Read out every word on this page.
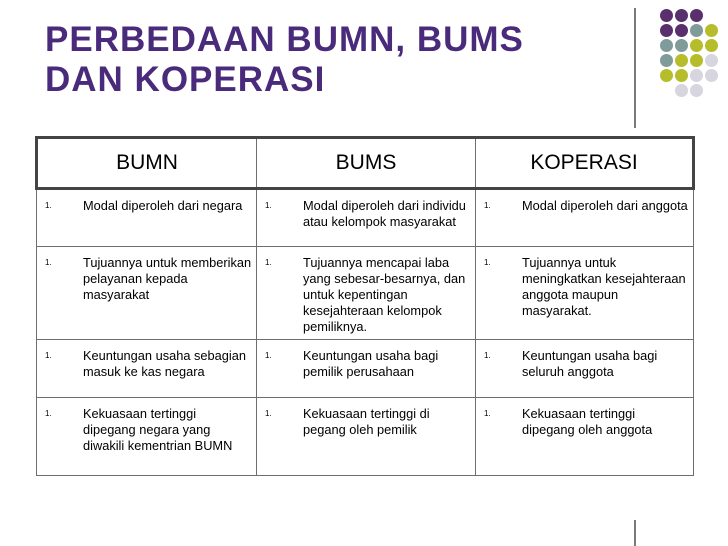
PERBEDAAN BUMN, BUMS
DAN KOPERASI
BUMN	BUMS	KOPERASI

1. Modal diperoleh dari negara	1. Modal diperoleh dari individu atau kelompok masyarakat	1. Modal diperoleh dari anggota

1. Tujuannya untuk memberikan pelayanan kepada masyarakat	1. Tujuannya mencapai laba yang sebesar-besarnya, dan untuk kepentingan kesejahteraan kelompok pemiliknya.	1. Tujuannya untuk meningkatkan kesejahteraan anggota maupun masyarakat.

1. Keuntungan usaha sebagian masuk ke kas negara	1. Keuntungan usaha bagi pemilik perusahaan	1. Keuntungan usaha bagi seluruh anggota

1. Kekuasaan tertinggi dipegang negara yang diwakili kementrian BUMN	1. Kekuasaan tertinggi di pegang oleh pemilik	1. Kekuasaan tertinggi dipegang oleh anggota
